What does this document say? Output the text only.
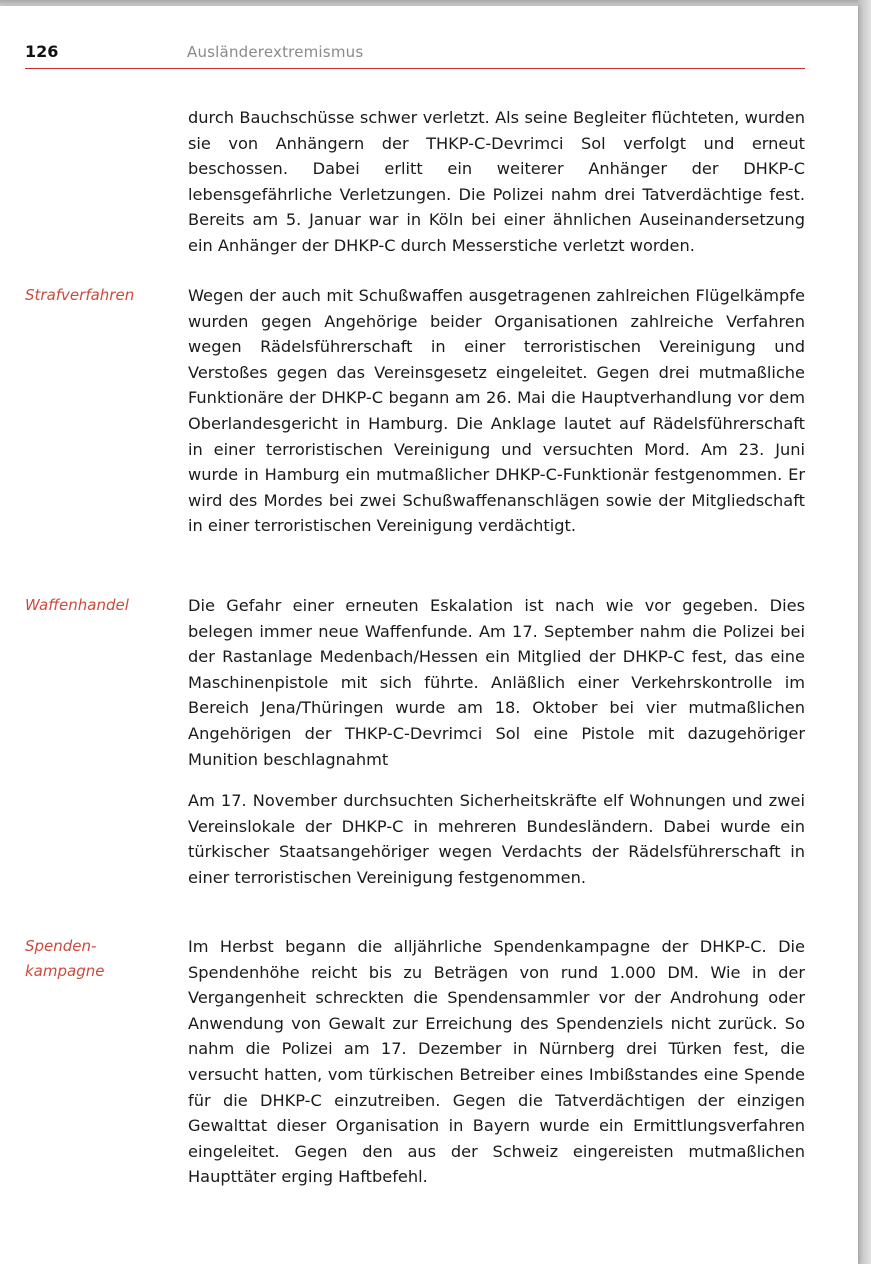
126	Ausländerextremismus
durch Bauchschüsse schwer verletzt. Als seine Begleiter flüchteten, wurden sie von Anhängern der THKP-C-Devrimci Sol verfolgt und erneut beschossen. Dabei erlitt ein weiterer Anhänger der DHKP-C lebensgefährliche Verletzungen. Die Polizei nahm drei Tatverdächtige fest. Bereits am 5. Januar war in Köln bei einer ähnlichen Auseinandersetzung ein Anhänger der DHKP-C durch Messerstiche verletzt worden.
Strafverfahren	Wegen der auch mit Schußwaffen ausgetragenen zahlreichen Flügelkämpfe wurden gegen Angehörige beider Organisationen zahlreiche Verfahren wegen Rädelsführerschaft in einer terroristischen Vereinigung und Verstoßes gegen das Vereinsgesetz eingeleitet. Gegen drei mutmaßliche Funktionäre der DHKP-C begann am 26. Mai die Hauptverhandlung vor dem Oberlandesgericht in Hamburg. Die Anklage lautet auf Rädelsführerschaft in einer terroristischen Vereinigung und versuchten Mord. Am 23. Juni wurde in Hamburg ein mutmaßlicher DHKP-C-Funktionär festgenommen. Er wird des Mordes bei zwei Schußwaffenanschlägen sowie der Mitgliedschaft in einer terroristischen Vereinigung verdächtigt.
Waffenhandel	Die Gefahr einer erneuten Eskalation ist nach wie vor gegeben. Dies belegen immer neue Waffenfunde. Am 17. September nahm die Polizei bei der Rastanlage Medenbach/Hessen ein Mitglied der DHKP-C fest, das eine Maschinenpistole mit sich führte. Anläßlich einer Verkehrskontrolle im Bereich Jena/Thüringen wurde am 18. Oktober bei vier mutmaßlichen Angehörigen der THKP-C-Devrimci Sol eine Pistole mit dazugehöriger Munition beschlagnahmt
Am 17. November durchsuchten Sicherheitskräfte elf Wohnungen und zwei Vereinslokale der DHKP-C in mehreren Bundesländern. Dabei wurde ein türkischer Staatsangehöriger wegen Verdachts der Rädelsführerschaft in einer terroristischen Vereinigung festgenommen.
Spenden-
kampagne
Im Herbst begann die alljährliche Spendenkampagne der DHKP-C. Die Spendenhöhe reicht bis zu Beträgen von rund 1.000 DM. Wie in der Vergangenheit schreckten die Spendensammler vor der Androhung oder Anwendung von Gewalt zur Erreichung des Spendenziels nicht zurück. So nahm die Polizei am 17. Dezember in Nürnberg drei Türken fest, die versucht hatten, vom türkischen Betreiber eines Imbißstandes eine Spende für die DHKP-C einzutreiben. Gegen die Tatverdächtigen der einzigen Gewalttat dieser Organisation in Bayern wurde ein Ermittlungsverfahren eingeleitet. Gegen den aus der Schweiz eingereisten mutmaßlichen Haupttäter erging Haftbefehl.
